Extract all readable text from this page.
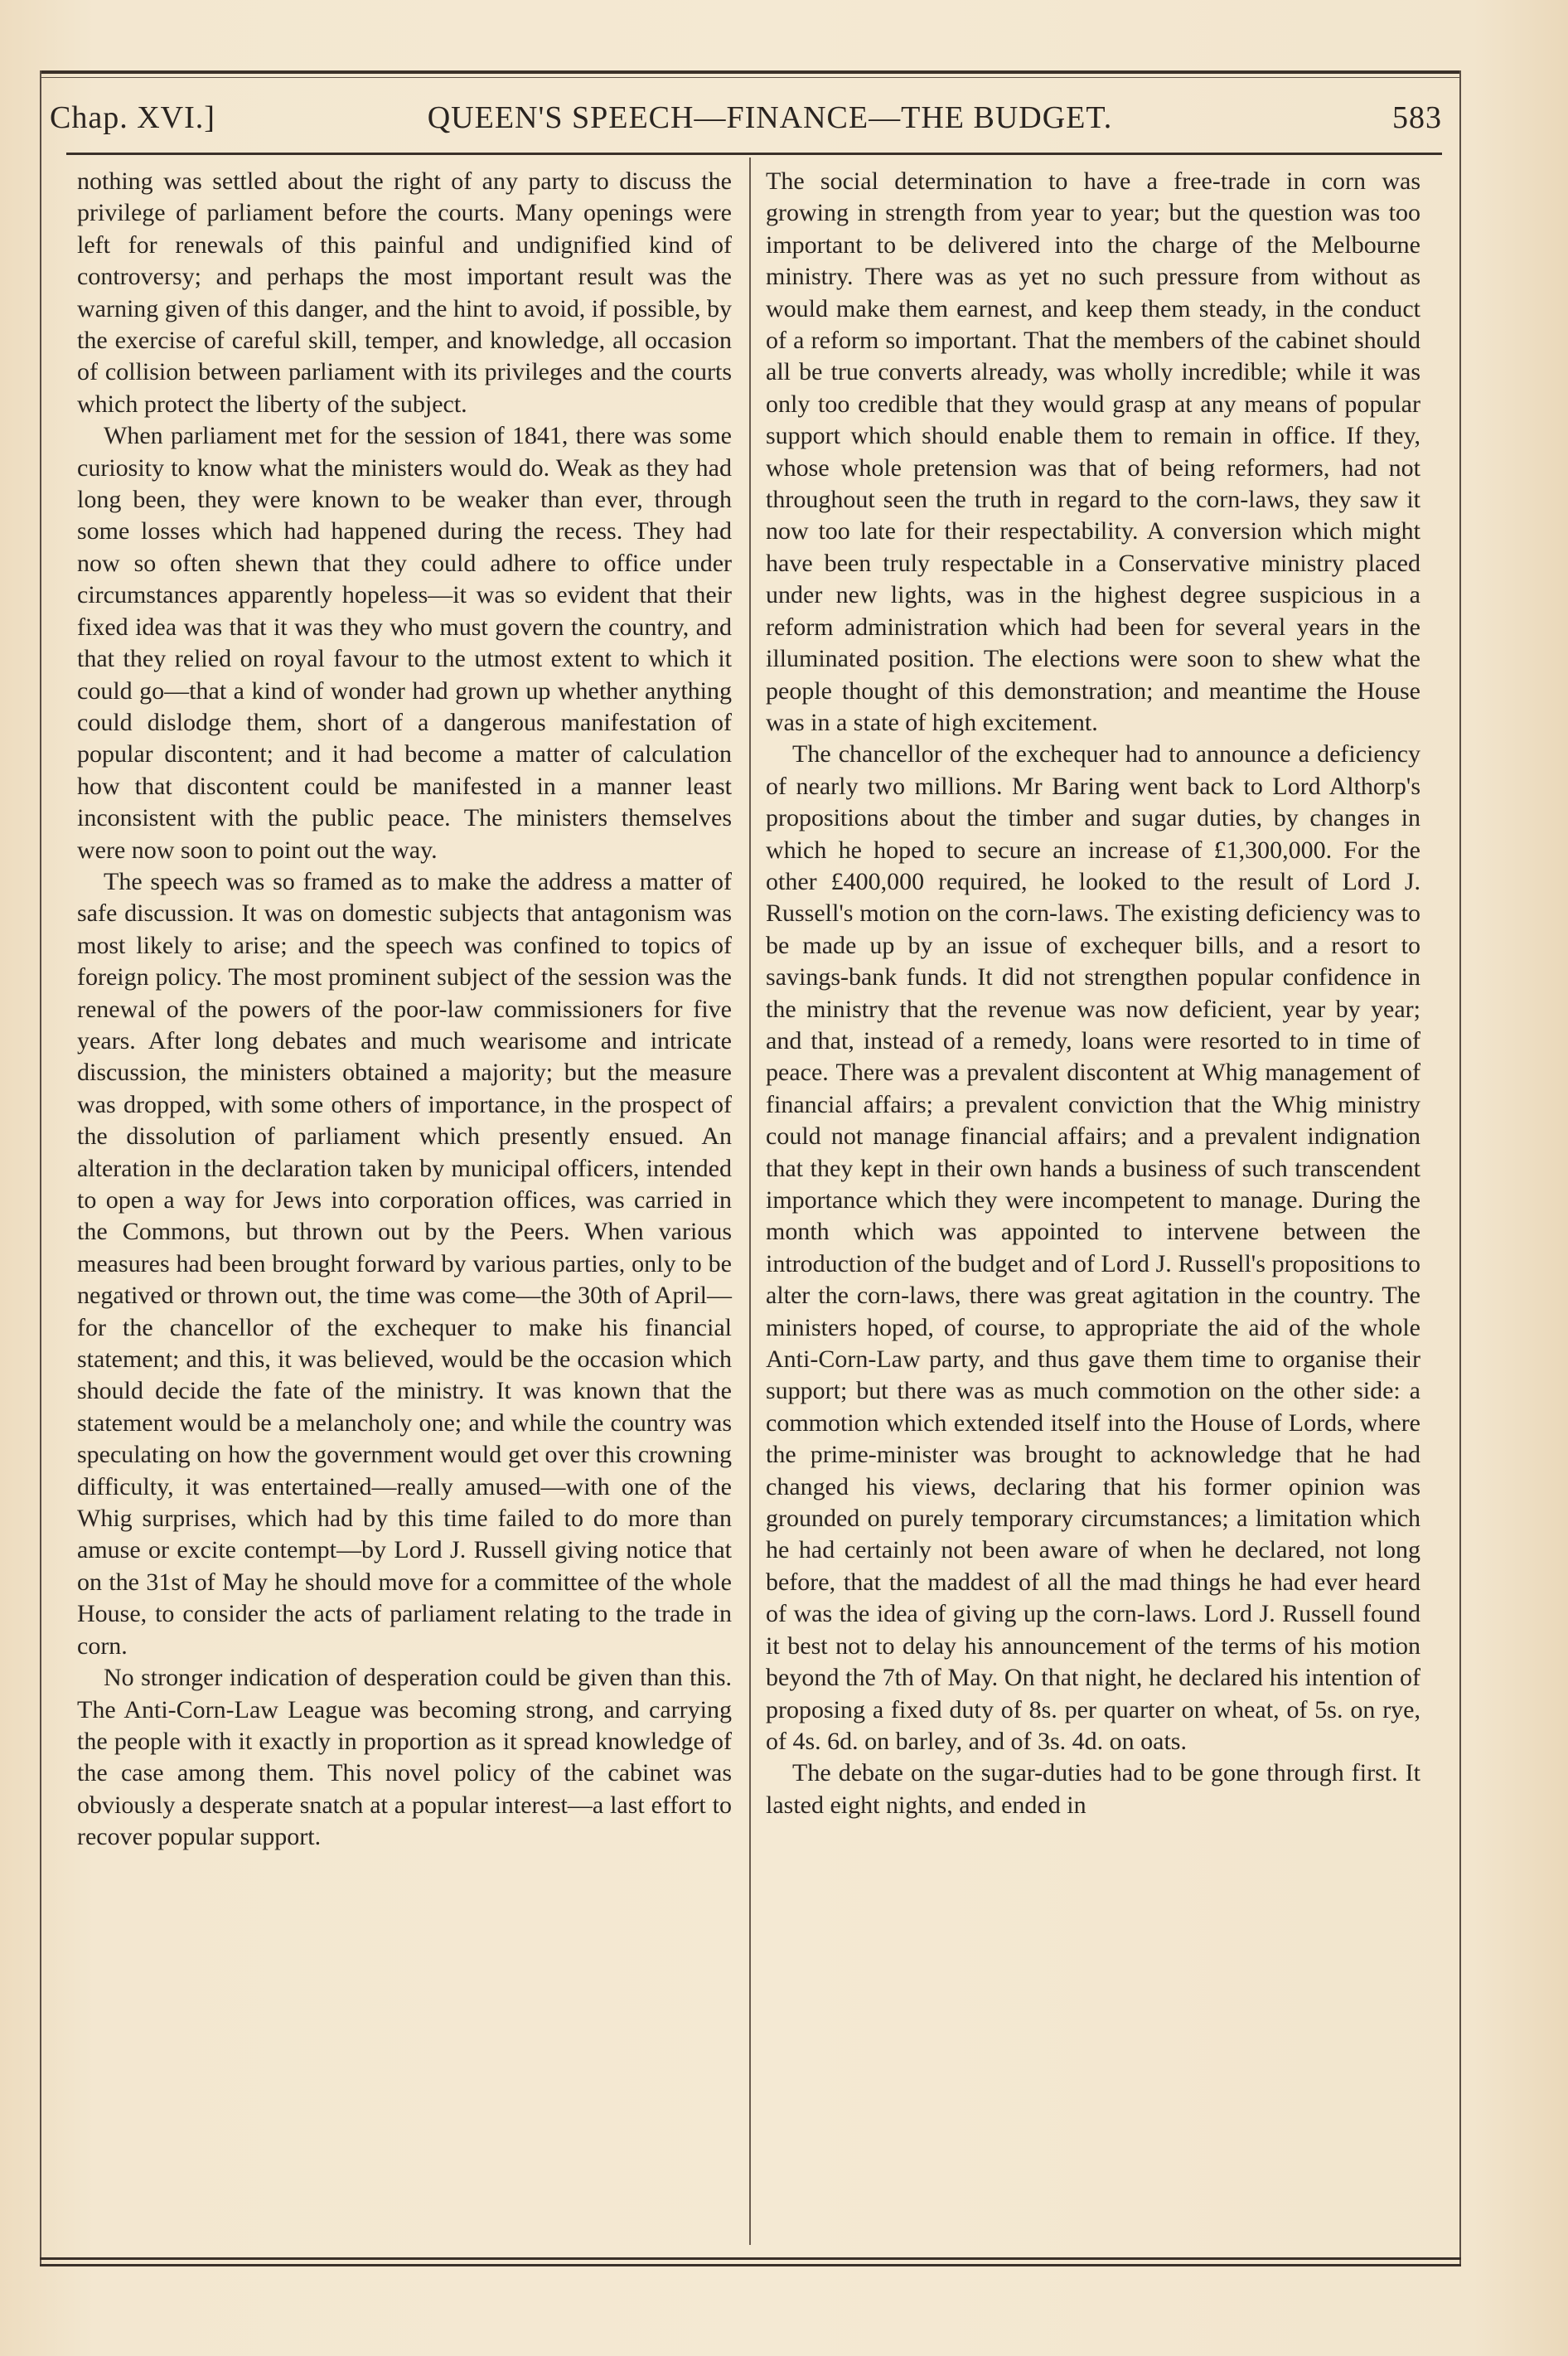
Chap. XVI.]	QUEEN'S SPEECH—FINANCE—THE BUDGET.	583

nothing was settled about the right of any party to discuss the privilege of parliament before the courts. Many openings were left for renewals of this painful and undignified kind of controversy; and perhaps the most important result was the warning given of this danger, and the hint to avoid, if possible, by the exercise of careful skill, temper, and knowledge, all occasion of collision between parliament with its privileges and the courts which protect the liberty of the subject.

When parliament met for the session of 1841, there was some curiosity to know what the ministers would do. Weak as they had long been, they were known to be weaker than ever, through some losses which had happened during the recess. They had now so often shewn that they could adhere to office under circumstances apparently hopeless—it was so evident that their fixed idea was that it was they who must govern the country, and that they relied on royal favour to the utmost extent to which it could go—that a kind of wonder had grown up whether anything could dislodge them, short of a dangerous manifestation of popular discontent; and it had become a matter of calculation how that discontent could be manifested in a manner least inconsistent with the public peace. The ministers themselves were now soon to point out the way.

The speech was so framed as to make the address a matter of safe discussion. It was on domestic subjects that antagonism was most likely to arise; and the speech was confined to topics of foreign policy. The most prominent subject of the session was the renewal of the powers of the poor-law commissioners for five years. After long debates and much wearisome and intricate discussion, the ministers obtained a majority; but the measure was dropped, with some others of importance, in the prospect of the dissolution of parliament which presently ensued. An alteration in the declaration taken by municipal officers, intended to open a way for Jews into corporation offices, was carried in the Commons, but thrown out by the Peers. When various measures had been brought forward by various parties, only to be negatived or thrown out, the time was come—the 30th of April—for the chancellor of the exchequer to make his financial statement; and this, it was believed, would be the occasion which should decide the fate of the ministry. It was known that the statement would be a melancholy one; and while the country was speculating on how the government would get over this crowning difficulty, it was entertained—really amused—with one of the Whig surprises, which had by this time failed to do more than amuse or excite contempt—by Lord J. Russell giving notice that on the 31st of May he should move for a committee of the whole House, to consider the acts of parliament relating to the trade in corn.

No stronger indication of desperation could be given than this. The Anti-Corn-Law League was becoming strong, and carrying the people with it exactly in proportion as it spread knowledge of the case among them. This novel policy of the cabinet was obviously a desperate snatch at a popular interest—a last effort to recover popular support.

The social determination to have a free-trade in corn was growing in strength from year to year; but the question was too important to be delivered into the charge of the Melbourne ministry. There was as yet no such pressure from without as would make them earnest, and keep them steady, in the conduct of a reform so important. That the members of the cabinet should all be true converts already, was wholly incredible; while it was only too credible that they would grasp at any means of popular support which should enable them to remain in office. If they, whose whole pretension was that of being reformers, had not throughout seen the truth in regard to the corn-laws, they saw it now too late for their respectability. A conversion which might have been truly respectable in a Conservative ministry placed under new lights, was in the highest degree suspicious in a reform administration which had been for several years in the illuminated position. The elections were soon to shew what the people thought of this demonstration; and meantime the House was in a state of high excitement.

The chancellor of the exchequer had to announce a deficiency of nearly two millions. Mr Baring went back to Lord Althorp's propositions about the timber and sugar duties, by changes in which he hoped to secure an increase of £1,300,000. For the other £400,000 required, he looked to the result of Lord J. Russell's motion on the corn-laws. The existing deficiency was to be made up by an issue of exchequer bills, and a resort to savings-bank funds. It did not strengthen popular confidence in the ministry that the revenue was now deficient, year by year; and that, instead of a remedy, loans were resorted to in time of peace. There was a prevalent discontent at Whig management of financial affairs; a prevalent conviction that the Whig ministry could not manage financial affairs; and a prevalent indignation that they kept in their own hands a business of such transcendent importance which they were incompetent to manage. During the month which was appointed to intervene between the introduction of the budget and of Lord J. Russell's propositions to alter the corn-laws, there was great agitation in the country. The ministers hoped, of course, to appropriate the aid of the whole Anti-Corn-Law party, and thus gave them time to organise their support; but there was as much commotion on the other side: a commotion which extended itself into the House of Lords, where the prime-minister was brought to acknowledge that he had changed his views, declaring that his former opinion was grounded on purely temporary circumstances; a limitation which he had certainly not been aware of when he declared, not long before, that the maddest of all the mad things he had ever heard of was the idea of giving up the corn-laws. Lord J. Russell found it best not to delay his announcement of the terms of his motion beyond the 7th of May. On that night, he declared his intention of proposing a fixed duty of 8s. per quarter on wheat, of 5s. on rye, of 4s. 6d. on barley, and of 3s. 4d. on oats.

The debate on the sugar-duties had to be gone through first. It lasted eight nights, and ended in
